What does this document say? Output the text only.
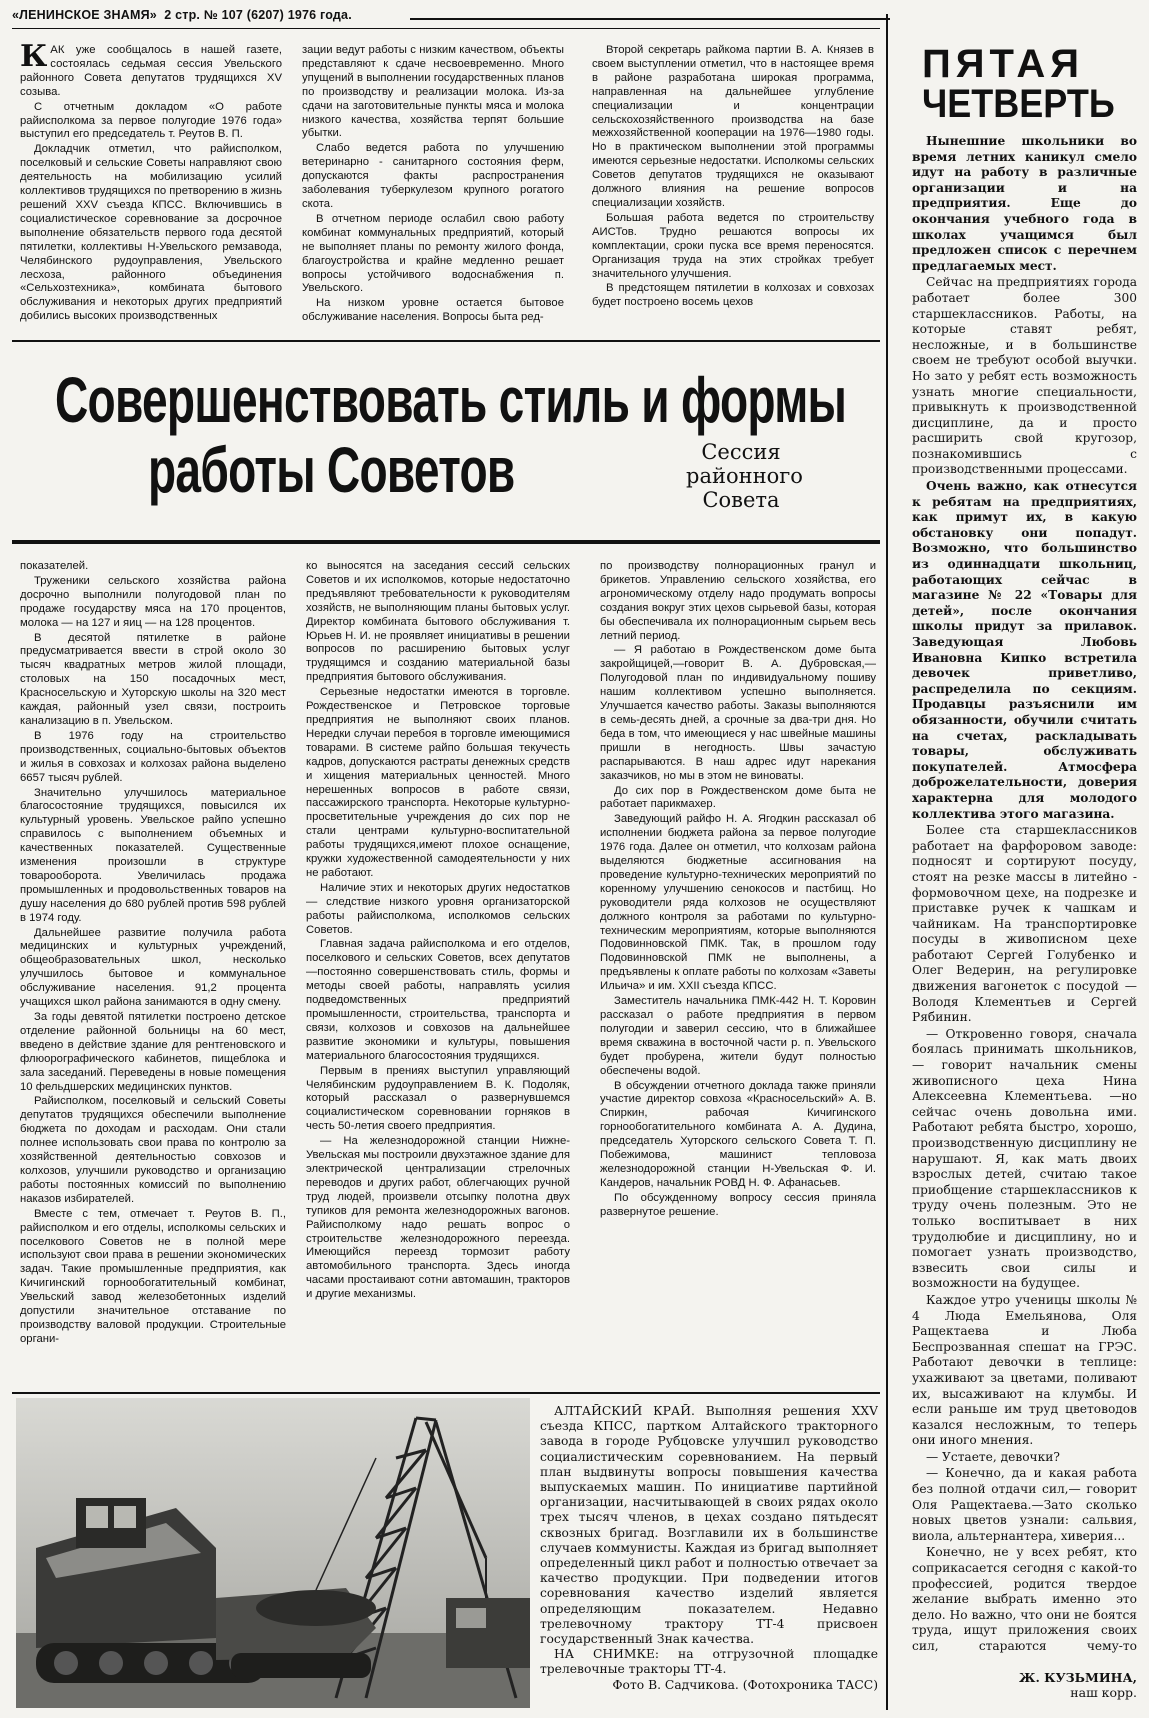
«ЛЕНИНСКОЕ ЗНАМЯ» 2 стр. № 107 (6207) 1976 года.

КАК уже сообщалось в нашей газете, состоялась седьмая сессия Увельского районного Совета депутатов трудящихся XV созыва.

С отчетным докладом «О работе райисполкома за первое полугодие 1976 года» выступил его председатель т. Реутов В. П.

Докладчик отметил, что райисполком, поселковый и сельские Советы направляют свою деятельность на мобилизацию усилий коллективов трудящихся по претворению в жизнь решений XXV съезда КПСС. Включившись в социалистическое соревнование за досрочное выполнение обязательств первого года десятой пятилетки, коллективы Н-Увельского ремзавода, Челябинского рудоуправления, Увельского лесхоза, районного объединения «Сельхозтехника», комбината бытового обслуживания и некоторых других предприятий добились высоких производственных

зации ведут работы с низким качеством, объекты представляют к сдаче несвоевременно. Много упущений в выполнении государственных планов по производству и реализации молока. Из-за сдачи на заготовительные пункты мяса и молока низкого качества, хозяйства терпят большие убытки.

Слабо ведется работа по улучшению ветеринарно - санитарного состояния ферм, допускаются факты распространения заболевания туберкулезом крупного рогатого скота.

В отчетном периоде ослабил свою работу комбинат коммунальных предприятий, который не выполняет планы по ремонту жилого фонда, благоустройства и крайне медленно решает вопросы устойчивого водоснабжения п. Увельского.

На низком уровне остается бытовое обслуживание населения. Вопросы быта ред-

Второй секретарь райкома партии В. А. Князев в своем выступлении отметил, что в настоящее время в районе разработана широкая программа, направленная на дальнейшее углубление специализации и концентрации сельскохозяйственного производства на базе межхозяйственной кооперации на 1976—1980 годы. Но в практическом выполнении этой программы имеются серьезные недостатки. Исполкомы сельских Советов депутатов трудящихся не оказывают должного влияния на решение вопросов специализации хозяйств.

Большая работа ведется по строительству АИСТов. Трудно решаются вопросы их комплектации, сроки пуска все время переносятся. Организация труда на этих стройках требует значительного улучшения.

В предстоящем пятилетии в колхозах и совхозах будет построено восемь цехов

Совершенствовать стиль и формы
работы Советов	Сессия районного Совета

показателей.

Труженики сельского хозяйства района досрочно выполнили полугодовой план по продаже государству мяса на 170 процентов, молока — на 127 и яиц — на 128 процентов.

В десятой пятилетке в районе предусматривается ввести в строй около 30 тысяч квадратных метров жилой площади, столовых на 150 посадочных мест, Красносельскую и Хуторскую школы на 320 мест каждая, районный узел связи, построить канализацию в п. Увельском.

В 1976 году на строительство производственных, социально-бытовых объектов и жилья в совхозах и колхозах района выделено 6657 тысяч рублей.

Значительно улучшилось материальное благосостояние трудящихся, повысился их культурный уровень. Увельское райпо успешно справилось с выполнением объемных и качественных показателей. Существенные изменения произошли в структуре товарооборота. Увеличилась продажа промышленных и продовольственных товаров на душу населения до 680 рублей против 598 рублей в 1974 году.

Дальнейшее развитие получила работа медицинских и культурных учреждений, общеобразовательных школ, несколько улучшилось бытовое и коммунальное обслуживание населения. 91,2 процента учащихся школ района занимаются в одну смену.

За годы девятой пятилетки построено детское отделение районной больницы на 60 мест, введено в действие здание для рентгеновского и флюорографического кабинетов, пищеблока и зала заседаний. Переведены в новые помещения 10 фельдшерских медицинских пунктов.

Райисполком, поселковый и сельский Советы депутатов трудящихся обеспечили выполнение бюджета по доходам и расходам. Они стали полнее использовать свои права по контролю за хозяйственной деятельностью совхозов и колхозов, улучшили руководство и организацию работы постоянных комиссий по выполнению наказов избирателей.

Вместе с тем, отмечает т. Реутов В. П., райисполком и его отделы, исполкомы сельских и поселкового Советов не в полной мере используют свои права в решении экономических задач. Такие промышленные предприятия, как Кичигинский горнообогатительный комбинат, Увельский завод железобетонных изделий допустили значительное отставание по производству валовой продукции. Строительные органи-

ко выносятся на заседания сессий сельских Советов и их исполкомов, которые недостаточно предъявляют требовательности к руководителям хозяйств, не выполняющим планы бытовых услуг. Директор комбината бытового обслуживания т. Юрьев Н. И. не проявляет инициативы в решении вопросов по расширению бытовых услуг трудящимся и созданию материальной базы предприятия бытового обслуживания.

Серьезные недостатки имеются в торговле. Рождественское и Петровское торговые предприятия не выполняют своих планов. Нередки случаи перебоя в торговле имеющимися товарами. В системе райпо большая текучесть кадров, допускаются растраты денежных средств и хищения материальных ценностей. Много нерешенных вопросов в работе связи, пассажирского транспорта. Некоторые культурно-просветительные учреждения до сих пор не стали центрами культурно-воспитательной работы трудящихся,имеют плохое оснащение, кружки художественной самодеятельности у них не работают.

Наличие этих и некоторых других недостатков — следствие низкого уровня организаторской работы райисполкома, исполкомов сельских Советов.

Главная задача райисполкома и его отделов, поселкового и сельских Советов, всех депутатов—постоянно совершенствовать стиль, формы и методы своей работы, направлять усилия подведомственных предприятий промышленности, строительства, транспорта и связи, колхозов и совхозов на дальнейшее развитие экономики и культуры, повышения материального благосостояния трудящихся.

Первым в прениях выступил управляющий Челябинским рудоуправлением В. К. Подоляк, который рассказал о развернувшемся социалистическом соревновании горняков в честь 50-летия своего предприятия.

— На железнодорожной станции Нижне-Увельская мы построили двухэтажное здание для электрической централизации стрелочных переводов и других работ, облегчающих ручной труд людей, произвели отсыпку полотна двух тупиков для ремонта железнодорожных вагонов. Райисполкому надо решать вопрос о строительстве железнодорожного переезда. Имеющийся переезд тормозит работу автомобильного транспорта. Здесь иногда часами простаивают сотни автомашин, тракторов и другие механизмы.

по производству полнорационных гранул и брикетов. Управлению сельского хозяйства, его агрономическому отделу надо продумать вопросы создания вокруг этих цехов сырьевой базы, которая бы обеспечивала их полнорационным сырьем весь летний период.

— Я работаю в Рождественском доме быта закройщицей,—говорит В. А. Дубровская,—Полугодовой план по индивидуальному пошиву нашим коллективом успешно выполняется. Улучшается качество работы. Заказы выполняются в семь-десять дней, а срочные за два-три дня. Но беда в том, что имеющиеся у нас швейные машины пришли в негодность. Швы зачастую распарываются. В наш адрес идут нарекания заказчиков, но мы в этом не виноваты.

До сих пор в Рождественском доме быта не работает парикмахер.

Заведующий райфо Н. А. Ягодкин рассказал об исполнении бюджета района за первое полугодие 1976 года. Далее он отметил, что колхозам района выделяются бюджетные ассигнования на проведение культурно-технических мероприятий по коренному улучшению сенокосов и пастбищ. Но руководители ряда колхозов не осуществляют должного контроля за работами по культурно-техническим мероприятиям, которые выполняются Подовинновской ПМК. Так, в прошлом году Подовинновской ПМК не выполнены, а предъявлены к оплате работы по колхозам «Заветы Ильича» и им. XXII съезда КПСС.

Заместитель начальника ПМК-442 Н. Т. Коровин рассказал о работе предприятия в первом полугодии и заверил сессию, что в ближайшее время скважина в восточной части р. п. Увельского будет пробурена, жители будут полностью обеспечены водой.

В обсуждении отчетного доклада также приняли участие директор совхоза «Красносельский» А. В. Спиркин, рабочая Кичигинского горнообогатительного комбината А. А. Дудина, председатель Хуторского сельского Совета Т. П. Побежимова, машинист тепловоза железнодорожной станции Н-Увельская Ф. И. Кандеров, начальник РОВД Н. Ф. Афанасьев.

По обсужденному вопросу сессия приняла развернутое решение.

АЛТАЙСКИЙ КРАЙ. Выполняя решения XXV съезда КПСС, партком Алтайского тракторного завода в городе Рубцовске улучшил руководство социалистическим соревнованием. На первый план выдвинуты вопросы повышения качества выпускаемых машин. По инициативе партийной организации, насчитывающей в своих рядах около трех тысяч членов, в цехах создано пятьдесят сквозных бригад. Возглавили их в большинстве случаев коммунисты. Каждая из бригад выполняет определенный цикл работ и полностью отвечает за качество продукции. При подведении итогов соревнования качество изделий является определяющим показателем. Недавно трелевочному трактору ТТ-4 присвоен государственный Знак качества.

НА СНИМКЕ: на отгрузочной площадке трелевочные тракторы ТТ-4.

Фото В. Садчикова. (Фотохроника ТАСС)

ПЯТАЯ
ЧЕТВЕРТЬ

Нынешние школьники во время летних каникул смело идут на работу в различные организации и на предприятия. Еще до окончания учебного года в школах учащимся был предложен список с перечнем предлагаемых мест.

Сейчас на предприятиях города работает более 300 старшеклассников. Работы, на которые ставят ребят, несложные, и в большинстве своем не требуют особой выучки. Но зато у ребят есть возможность узнать многие специальности, привыкнуть к производственной дисциплине, да и просто расширить свой кругозор, познакомившись с производственными процессами.

Очень важно, как отнесутся к ребятам на предприятиях, как примут их, в какую обстановку они попадут. Возможно, что большинство из одиннадцати школьниц, работающих сейчас в магазине № 22 «Товары для детей», после окончания школы придут за прилавок. Заведующая Любовь Ивановна Кипко встретила девочек приветливо, распределила по секциям. Продавцы разъяснили им обязанности, обучили считать на счетах, раскладывать товары, обслуживать покупателей. Атмосфера доброжелательности, доверия характерна для молодого коллектива этого магазина.

Более ста старшеклассников работает на фарфоровом заводе: подносят и сортируют посуду, стоят на резке массы в литейно - формовочном цехе, на подрезке и приставке ручек к чашкам и чайникам. На транспортировке посуды в живописном цехе работают Сергей Голубенко и Олег Ведерин, на регулировке движения вагонеток с посудой — Володя Клементьев и Сергей Рябинин.

— Откровенно говоря, сначала боялась принимать школьников, — говорит начальник смены живописного цеха Нина Алексеевна Клементьева. —но сейчас очень довольна ими. Работают ребята быстро, хорошо, производственную дисциплину не нарушают. Я, как мать двоих взрослых детей, считаю такое приобщение старшеклассников к труду очень полезным. Это не только воспитывает в них трудолюбие и дисциплину, но и помогает узнать производство, взвесить свои силы и возможности на будущее.

Каждое утро ученицы школы № 4 Люда Емельянова, Оля Ращектаева и Люба Беспрозванная спешат на ГРЭС. Работают девочки в теплице: ухаживают за цветами, поливают их, высаживают на клумбы. И если раньше им труд цветоводов казался несложным, то теперь они иного мнения.

— Устаете, девочки?

— Конечно, да и какая работа без полной отдачи сил,— говорит Оля Ращектаева.—Зато сколько новых цветов узнали: сальвия, виола, альтернантера, хиверия...

Конечно, не у всех ребят, кто соприкасается сегодня с какой-то профессией, родится твердое желание выбрать именно это дело. Но важно, что они не боятся труда, ищут приложения своих сил, стараются чему-то

Ж. КУЗЬМИНА,
наш корр.
